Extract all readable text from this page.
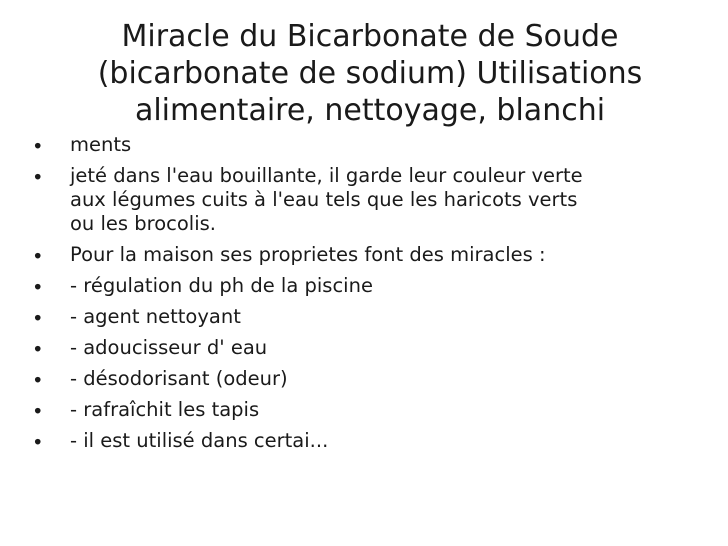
Miracle du Bicarbonate de Soude
(bicarbonate de sodium) Utilisations
alimentaire, nettoyage, blanchi
•	ments
•	jeté dans l'eau bouillante, il garde leur couleur verte
aux légumes cuits à l'eau tels que les haricots verts
ou les brocolis.
•	Pour la maison ses proprietes font des miracles :
•	- régulation du ph de la piscine
•	- agent nettoyant
•	- adoucisseur d' eau
•	- désodorisant (odeur)
•	- rafraîchit les tapis
•	- il est utilisé dans certai...
